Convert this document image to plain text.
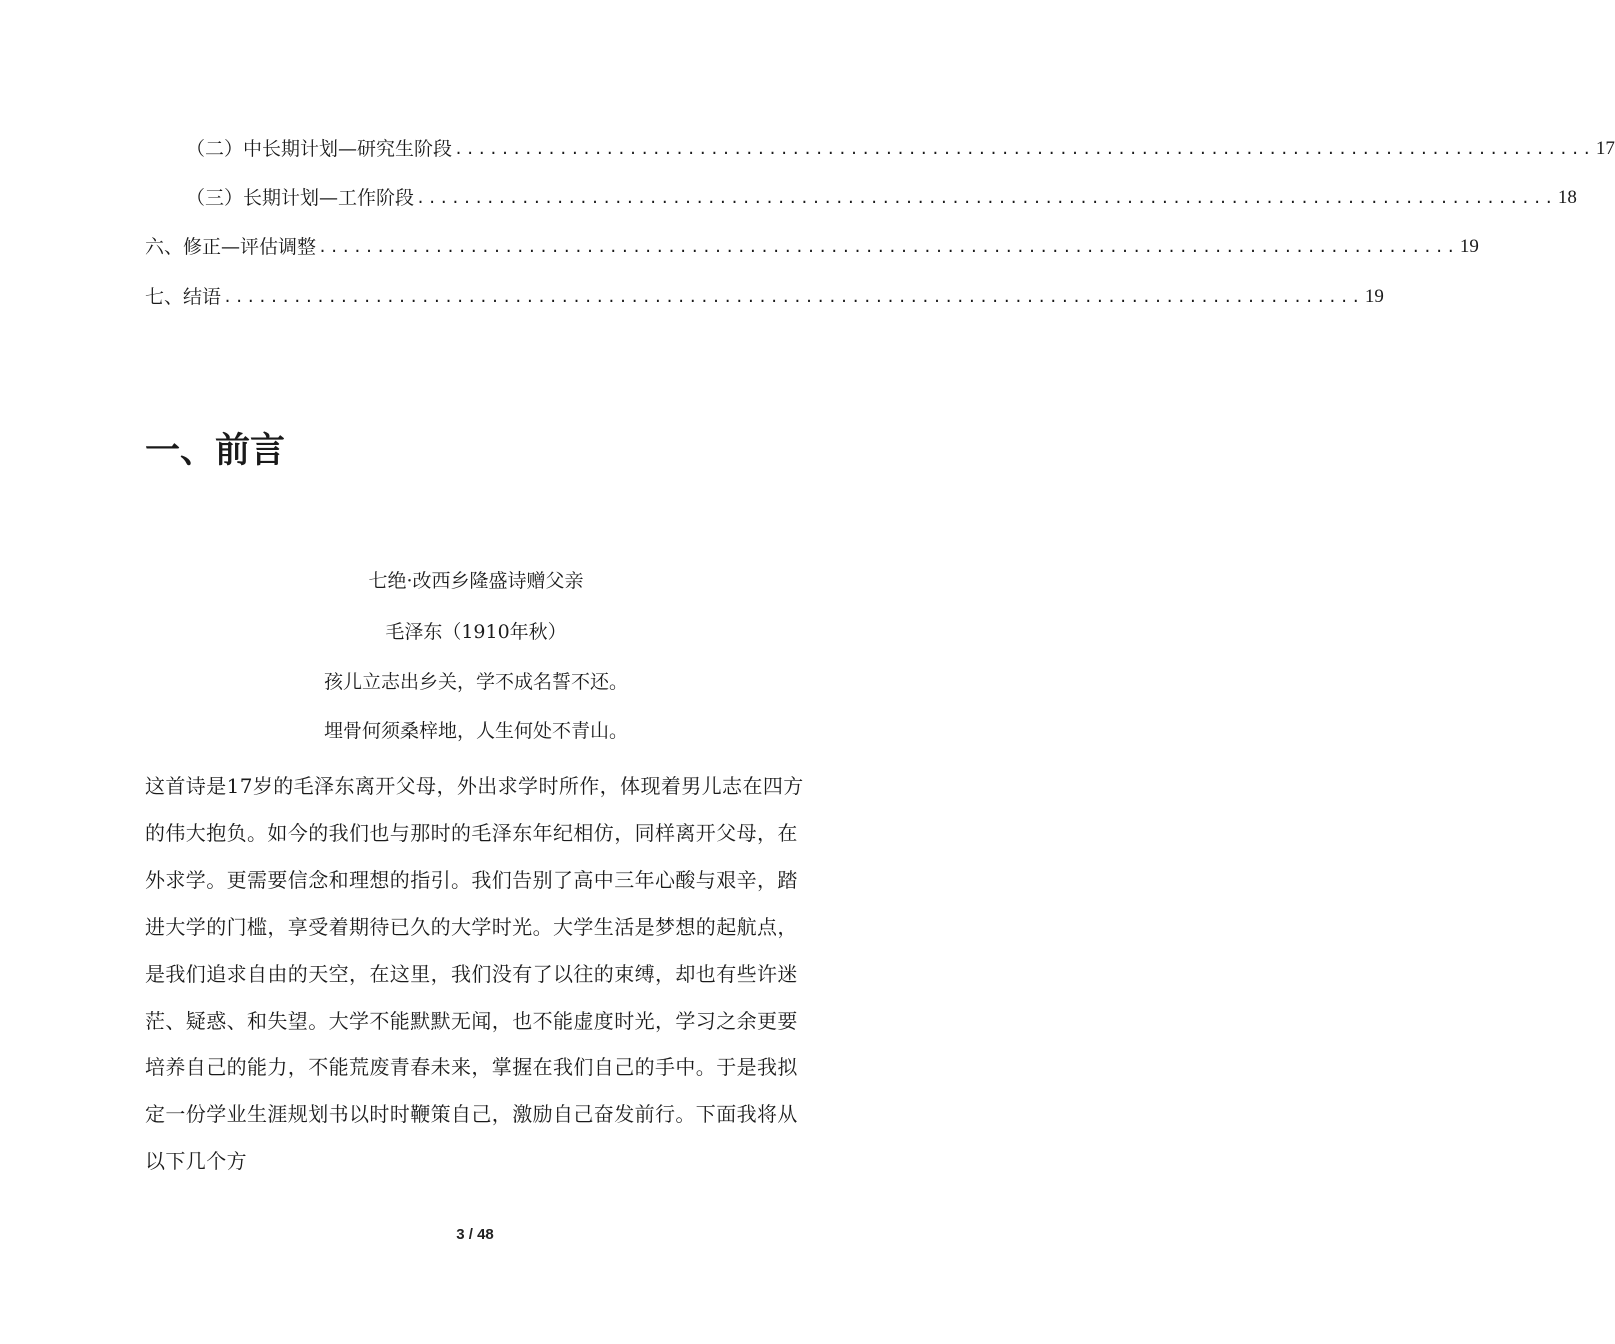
（二）中长期计划—研究生阶段 .................................................................................................. 17
（三）长期计划—工作阶段 .................................................................................................. 18
六、修正—评估调整 .................................................................................................. 19
七、结语 .................................................................................................. 19
一、前言
七绝·改西乡隆盛诗赠父亲
毛泽东（1910年秋）
孩儿立志出乡关，学不成名誓不还。
埋骨何须桑梓地，人生何处不青山。

这首诗是17岁的毛泽东离开父母，外出求学时所作，体现着男儿志在四方的伟大抱负。如今的我们也与那时的毛泽东年纪相仿，同样离开父母，在外求学。更需要信念和理想的指引。我们告别了高中三年心酸与艰辛，踏进大学的门槛，享受着期待已久的大学时光。大学生活是梦想的起航点，是我们追求自由的天空，在这里，我们没有了以往的束缚，却也有些许迷茫、疑惑、和失望。大学不能默默无闻，也不能虚度时光，学习之余更要培养自己的能力，不能荒废青春未来，掌握在我们自己的手中。于是我拟定一份学业生涯规划书以时时鞭策自己，激励自己奋发前行。下面我将从以下几个方

3 / 48
